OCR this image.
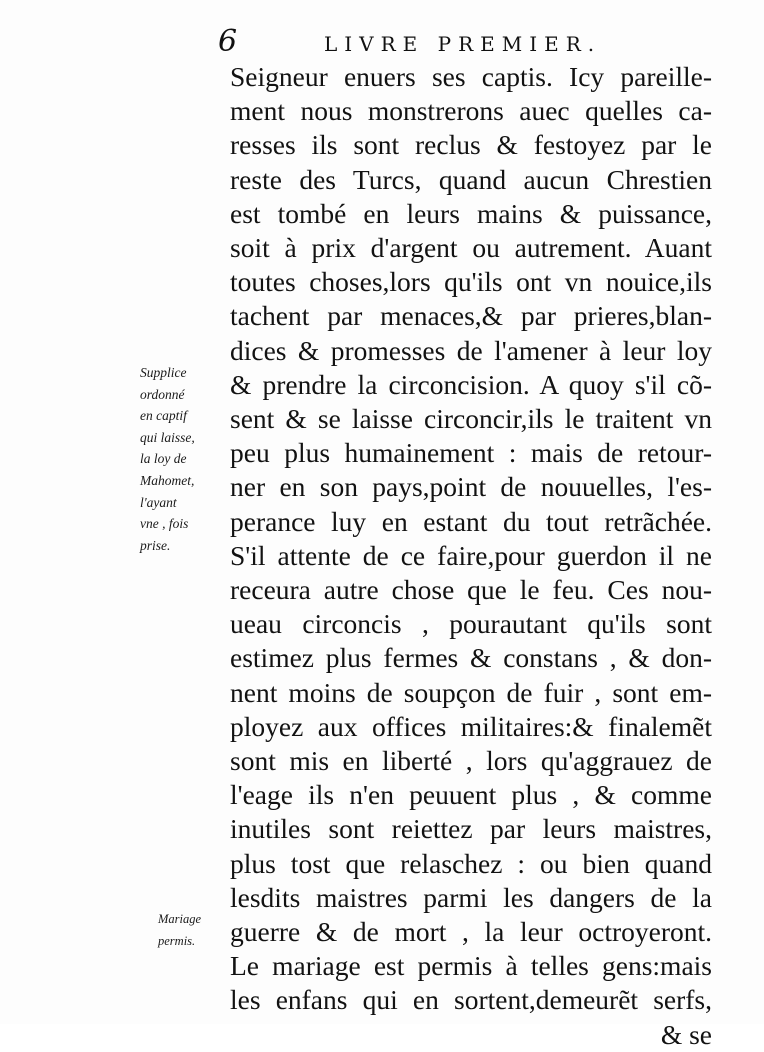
6	LIVRE PREMIER.
Supplice
ordonné
en captif
qui laisse,
la loy de
Mahomet,
l'ayant
vne , fois
prise.
Mariage
permis.
Seigneur enuers ses captis. Icy pareille-
ment nous monstrerons auec quelles ca-
resses ils sont reclus & festoyez par le
reste des Turcs, quand aucun Chrestien
est tombé en leurs mains & puissance,
soit à prix d'argent ou autrement. Auant
toutes choses,lors qu'ils ont vn nouice,ils
tachent par menaces,& par prieres,blan-
dices & promesses de l'amener à leur loy
& prendre la circoncision. A quoy s'il cõ-
sent & se laisse circoncir,ils le traitent vn
peu plus humainement : mais de retour-
ner en son pays,point de nouuelles, l'es-
perance luy en estant du tout retrãchée.
S'il attente de ce faire,pour guerdon il ne
receura autre chose que le feu. Ces nou-
ueau circoncis , pourautant qu'ils sont
estimez plus fermes & constans , & don-
nent moins de soupçon de fuir , sont em-
ployez aux offices militaires:& finalemẽt
sont mis en liberté , lors qu'aggrauez de
l'eage ils n'en peuuent plus , & comme
inutiles sont reiettez par leurs maistres,
plus tost que relaschez : ou bien quand
lesdits maistres parmi les dangers de la
guerre & de mort , la leur octroyeront.
Le mariage est permis à telles gens:mais
les enfans qui en sortent,demeurẽt serfs,
& se
